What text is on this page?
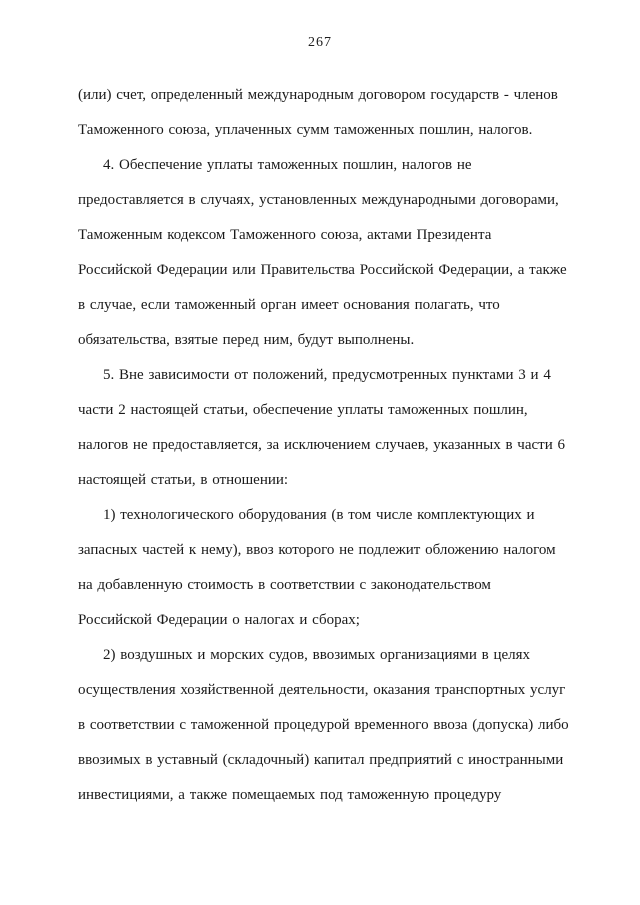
267

(или) счет, определенный международным договором государств - членов Таможенного союза, уплаченных сумм таможенных пошлин, налогов.

4. Обеспечение уплаты таможенных пошлин, налогов не предоставляется в случаях, установленных международными договорами, Таможенным кодексом Таможенного союза, актами Президента Российской Федерации или Правительства Российской Федерации, а также в случае, если таможенный орган имеет основания полагать, что обязательства, взятые перед ним, будут выполнены.

5. Вне зависимости от положений, предусмотренных пунктами 3 и 4 части 2 настоящей статьи, обеспечение уплаты таможенных пошлин, налогов не предоставляется, за исключением случаев, указанных в части 6 настоящей статьи, в отношении:

1) технологического оборудования (в том числе комплектующих и запасных частей к нему), ввоз которого не подлежит обложению налогом на добавленную стоимость в соответствии с законодательством Российской Федерации о налогах и сборах;

2) воздушных и морских судов, ввозимых организациями в целях осуществления хозяйственной деятельности, оказания транспортных услуг в соответствии с таможенной процедурой временного ввоза (допуска) либо ввозимых в уставный (складочный) капитал предприятий с иностранными инвестициями, а также помещаемых под таможенную процедуру
